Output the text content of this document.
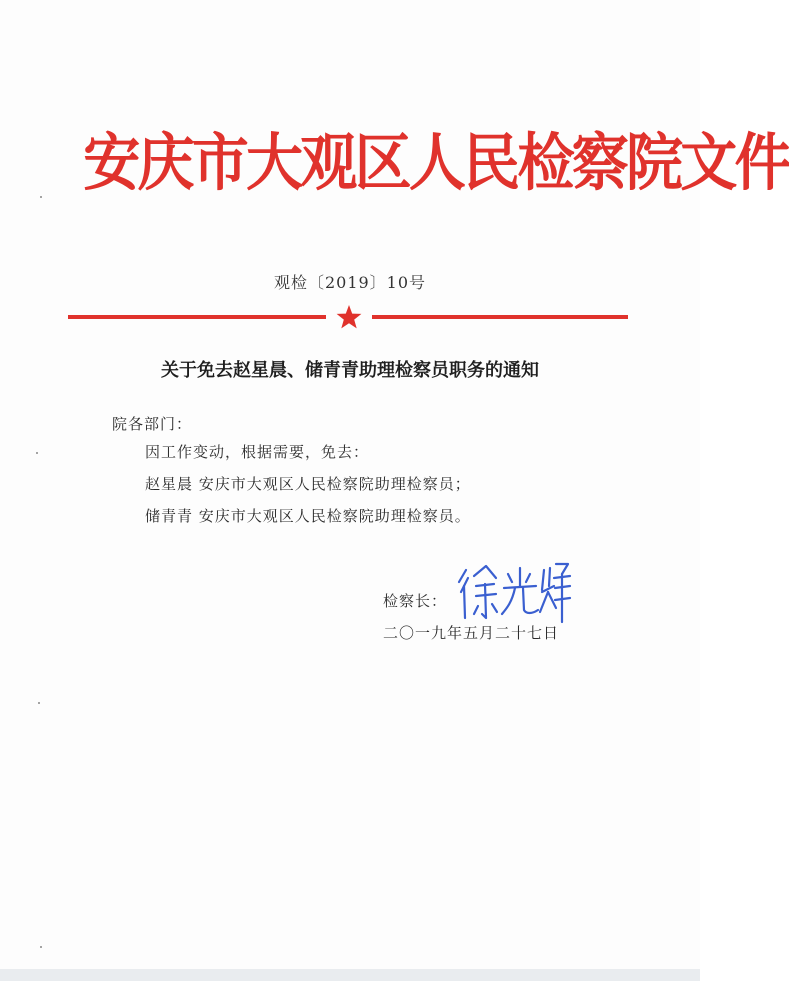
安庆市大观区人民检察院文件
观检〔2019〕10号
关于免去赵星晨、储青青助理检察员职务的通知
院各部门：
因工作变动，根据需要，免去：
赵星晨 安庆市大观区人民检察院助理检察员；
储青青 安庆市大观区人民检察院助理检察员。
检察长：
二〇一九年五月二十七日
